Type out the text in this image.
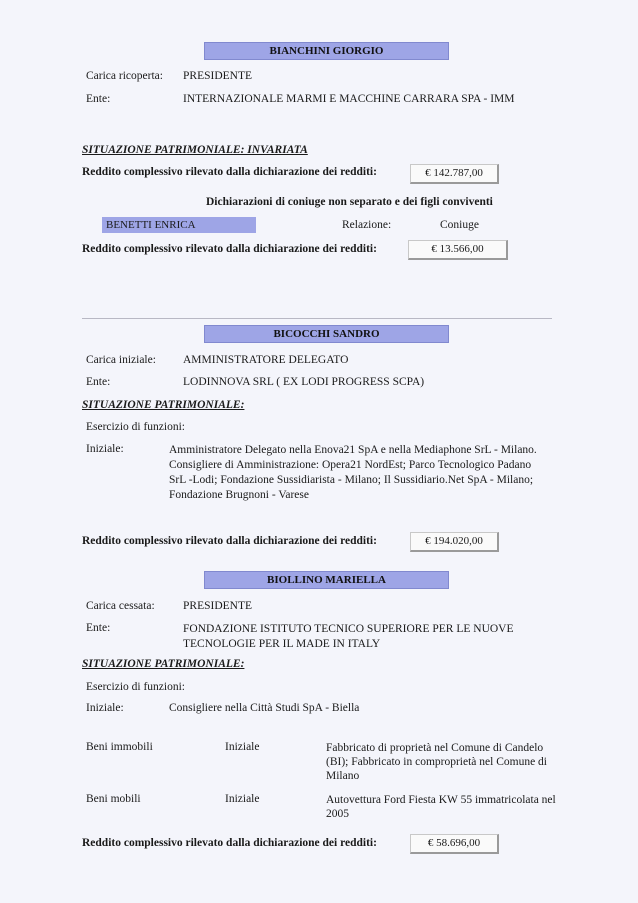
BIANCHINI GIORGIO
Carica ricoperta: PRESIDENTE
Ente:	INTERNAZIONALE MARMI E MACCHINE CARRARA SPA - IMM
SITUAZIONE PATRIMONIALE: INVARIATA
Reddito complessivo rilevato dalla dichiarazione dei redditi:	€ 142.787,00
Dichiarazioni di coniuge non separato e dei figli conviventi
BENETTI ENRICA	Relazione:	Coniuge
Reddito complessivo rilevato dalla dichiarazione dei redditi:	€ 13.566,00
BICOCCHI SANDRO
Carica iniziale: AMMINISTRATORE DELEGATO
Ente:	LODINNOVA SRL ( EX LODI PROGRESS SCPA)
SITUAZIONE PATRIMONIALE:
Esercizio di funzioni:
Iniziale:	Amministratore Delegato nella Enova21 SpA e nella Mediaphone SrL - Milano.
Consigliere di Amministrazione: Opera21 NordEst; Parco Tecnologico Padano
SrL -Lodi; Fondazione Sussidiarista - Milano; Il Sussidiario.Net SpA - Milano;
Fondazione Brugnoni - Varese
Reddito complessivo rilevato dalla dichiarazione dei redditi:	€ 194.020,00
BIOLLINO MARIELLA
Carica cessata: PRESIDENTE
Ente:	FONDAZIONE ISTITUTO TECNICO SUPERIORE PER LE NUOVE
TECNOLOGIE PER IL MADE IN ITALY
SITUAZIONE PATRIMONIALE:
Esercizio di funzioni:
Iniziale:	Consigliere nella Città Studi SpA - Biella
Beni immobili	Iniziale	Fabbricato di proprietà nel Comune di Candelo
(BI); Fabbricato in comproprietà nel Comune di
Milano
Beni mobili	Iniziale	Autovettura Ford Fiesta KW 55 immatricolata nel
2005
Reddito complessivo rilevato dalla dichiarazione dei redditi:	€ 58.696,00
